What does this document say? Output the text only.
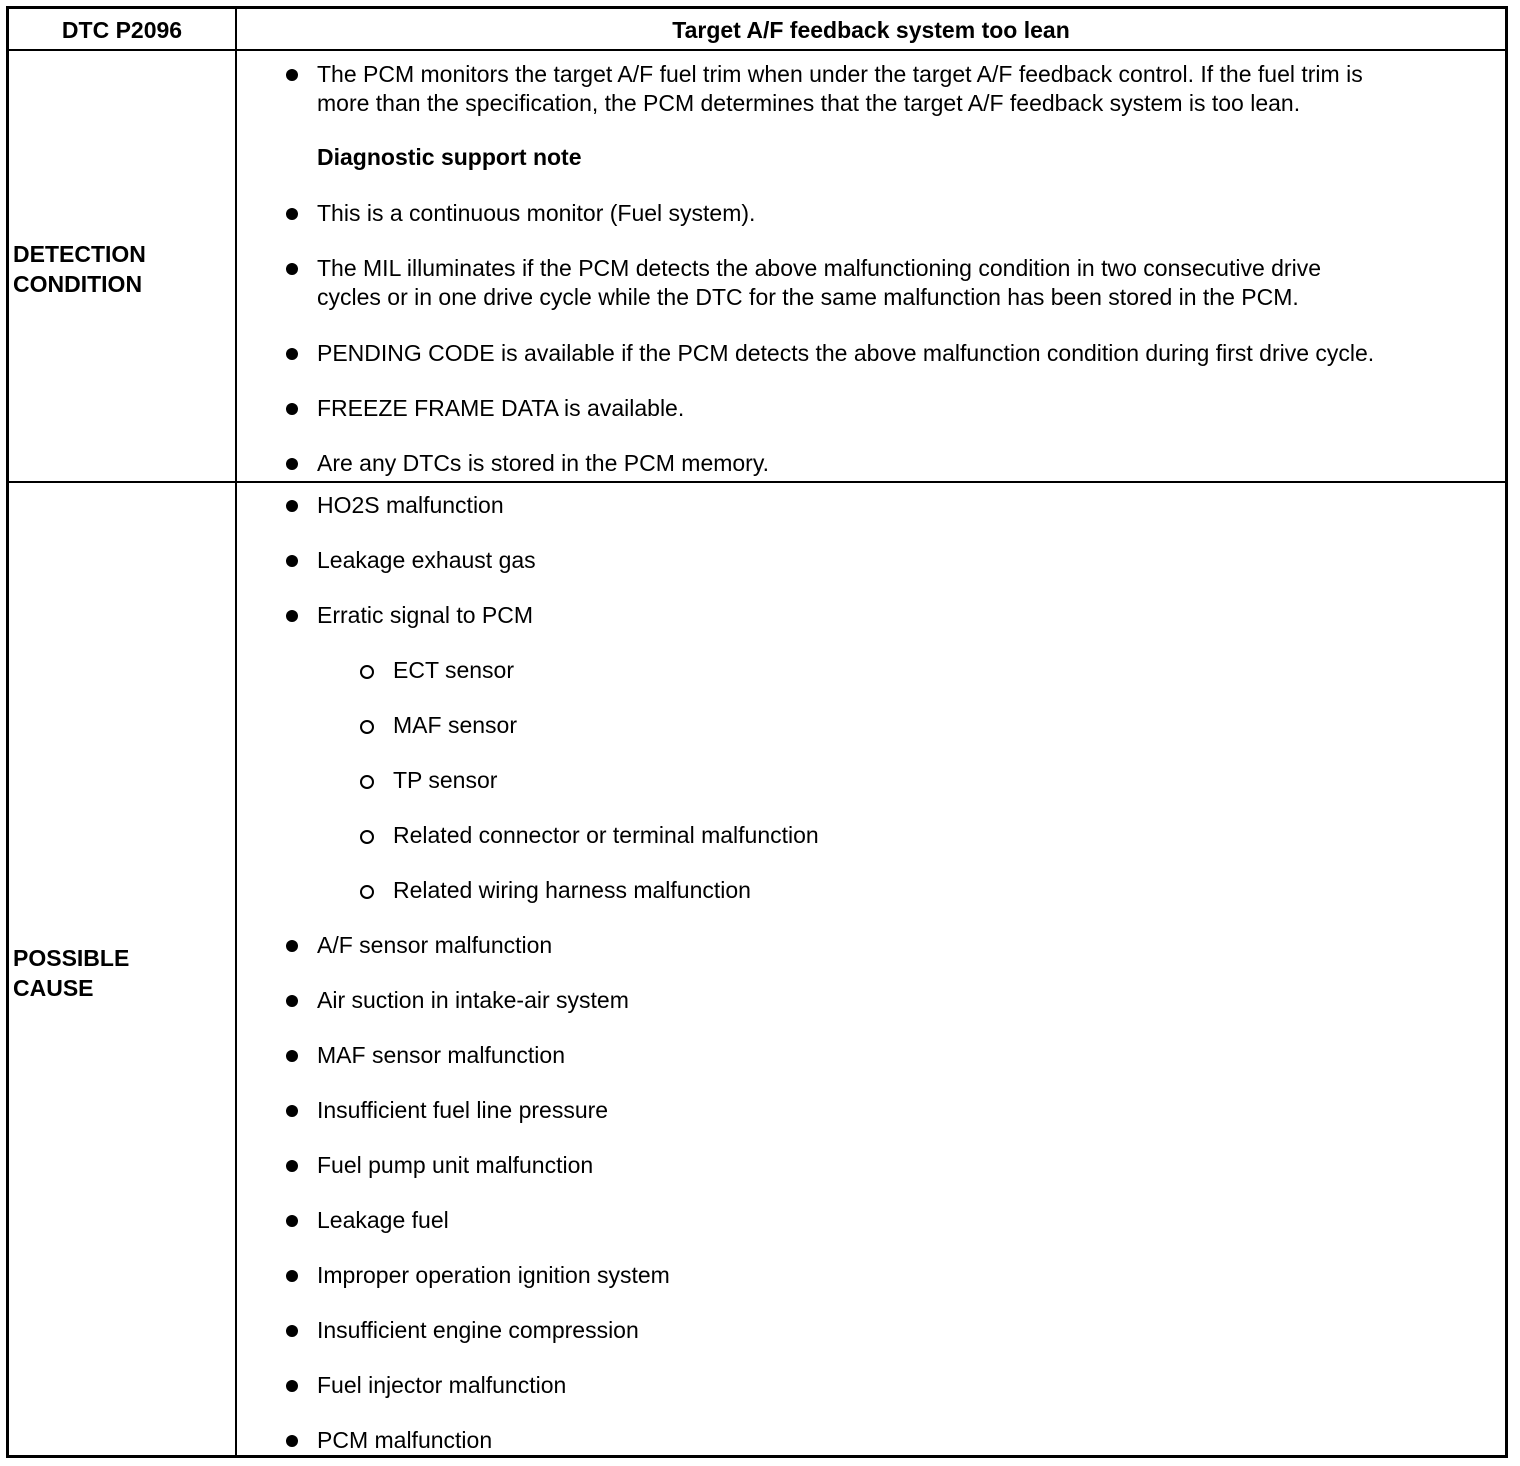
DTC P2096	Target A/F feedback system too lean
DETECTION
CONDITION
The PCM monitors the target A/F fuel trim when under the target A/F feedback control. If the fuel trim is
more than the specification, the PCM determines that the target A/F feedback system is too lean.
Diagnostic support note
This is a continuous monitor (Fuel system).
The MIL illuminates if the PCM detects the above malfunctioning condition in two consecutive drive
cycles or in one drive cycle while the DTC for the same malfunction has been stored in the PCM.
PENDING CODE is available if the PCM detects the above malfunction condition during first drive cycle.
FREEZE FRAME DATA is available.
Are any DTCs is stored in the PCM memory.
POSSIBLE
CAUSE
HO2S malfunction
Leakage exhaust gas
Erratic signal to PCM
ECT sensor
MAF sensor
TP sensor
Related connector or terminal malfunction
Related wiring harness malfunction
A/F sensor malfunction
Air suction in intake-air system
MAF sensor malfunction
Insufficient fuel line pressure
Fuel pump unit malfunction
Leakage fuel
Improper operation ignition system
Insufficient engine compression
Fuel injector malfunction
PCM malfunction
